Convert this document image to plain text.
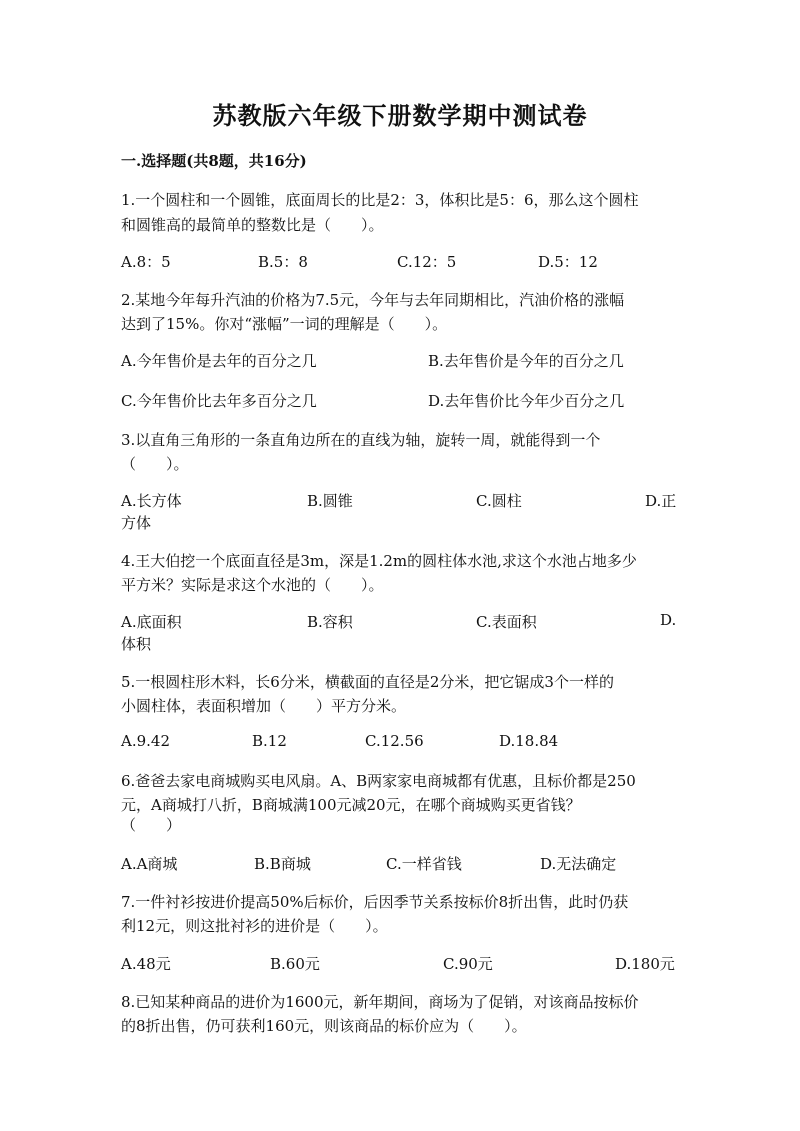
苏教版六年级下册数学期中测试卷
一.选择题(共8题，共16分)
1.一个圆柱和一个圆锥，底面周长的比是2：3，体积比是5：6，那么这个圆柱
和圆锥高的最简单的整数比是（　　）。
A.8：5	B.5：8	C.12：5	D.5：12
2.某地今年每升汽油的价格为7.5元，今年与去年同期相比，汽油价格的涨幅
达到了15%。你对“涨幅”一词的理解是（　　）。
A.今年售价是去年的百分之几	B.去年售价是今年的百分之几
C.今年售价比去年多百分之几	D.去年售价比今年少百分之几
3.以直角三角形的一条直角边所在的直线为轴，旋转一周，就能得到一个
（　　）。
A.长方体	B.圆锥	C.圆柱	D.正
方体
4.王大伯挖一个底面直径是3m，深是1.2m的圆柱体水池,求这个水池占地多少
平方米？实际是求这个水池的（　　）。
A.底面积	B.容积	C.表面积	D.
体积
5.一根圆柱形木料，长6分米，横截面的直径是2分米，把它锯成3个一样的
小圆柱体，表面积增加（　　）平方分米。
A.9.42	B.12	C.12.56	D.18.84
6.爸爸去家电商城购买电风扇。A、B两家家电商城都有优惠，且标价都是250
元，A商城打八折，B商城满100元减20元，在哪个商城购买更省钱？
（　　）
A.A商城	B.B商城	C.一样省钱	D.无法确定
7.一件衬衫按进价提高50%后标价，后因季节关系按标价8折出售，此时仍获
利12元，则这批衬衫的进价是（　　）。
A.48元	B.60元	C.90元	D.180元
8.已知某种商品的进价为1600元，新年期间，商场为了促销，对该商品按标价
的8折出售，仍可获利160元，则该商品的标价应为（　　）。
